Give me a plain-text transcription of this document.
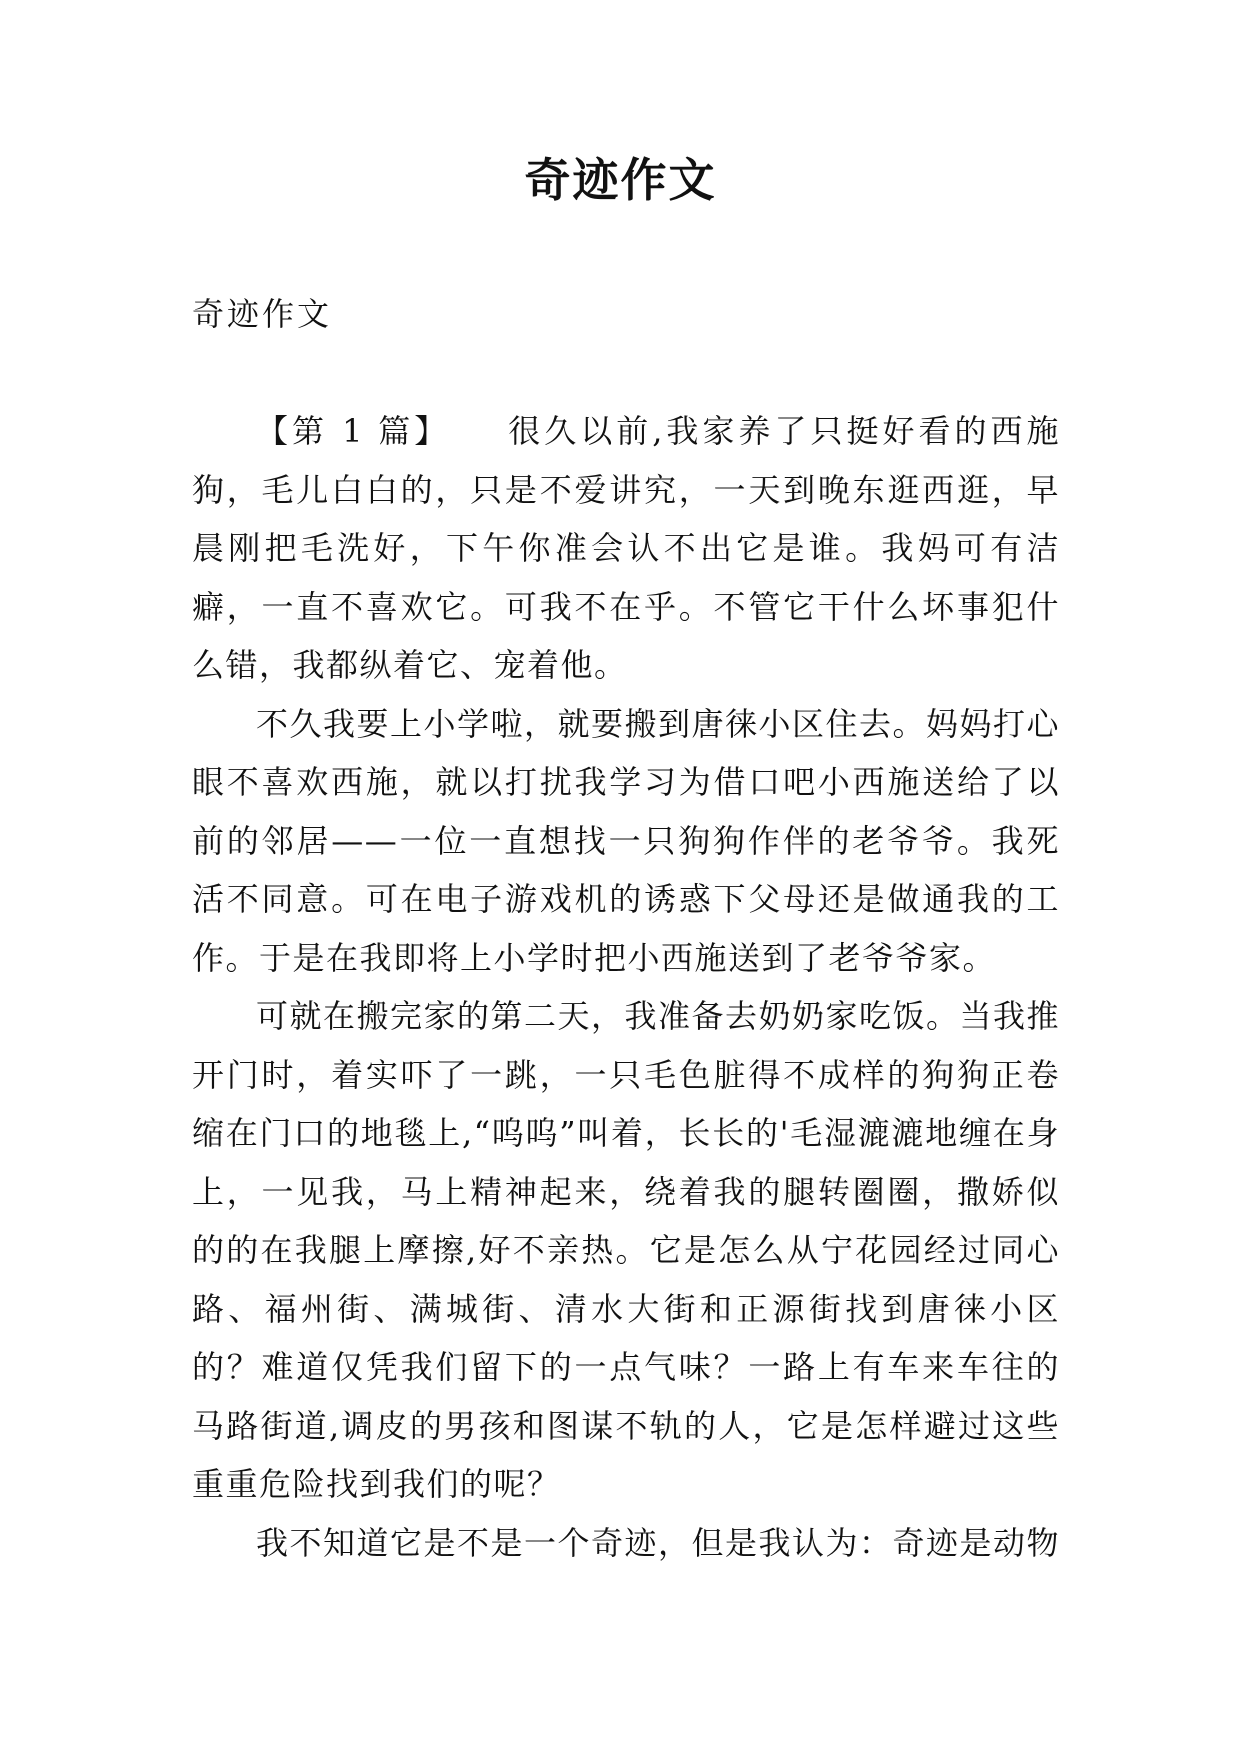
奇迹作文
奇迹作文

【第 1 篇】 很久以前,我家养了只挺好看的西施狗，毛儿白白的，只是不爱讲究，一天到晚东逛西逛，早晨刚把毛洗好，下午你准会认不出它是谁。我妈可有洁癖，一直不喜欢它。可我不在乎。不管它干什么坏事犯什么错，我都纵着它、宠着他。

不久我要上小学啦，就要搬到唐徕小区住去。妈妈打心眼不喜欢西施，就以打扰我学习为借口吧小西施送给了以前的邻居——一位一直想找一只狗狗作伴的老爷爷。我死活不同意。可在电子游戏机的诱惑下父母还是做通我的工作。于是在我即将上小学时把小西施送到了老爷爷家。

可就在搬完家的第二天，我准备去奶奶家吃饭。当我推开门时，着实吓了一跳，一只毛色脏得不成样的狗狗正卷缩在门口的地毯上,“呜呜”叫着，长长的'毛湿漉漉地缠在身上，一见我，马上精神起来，绕着我的腿转圈圈，撒娇似的的在我腿上摩擦,好不亲热。它是怎么从宁花园经过同心路、福州街、满城街、清水大街和正源街找到唐徕小区的？难道仅凭我们留下的一点气味？一路上有车来车往的马路街道,调皮的男孩和图谋不轨的人，它是怎样避过这些重重危险找到我们的呢？

我不知道它是不是一个奇迹，但是我认为：奇迹是动物
